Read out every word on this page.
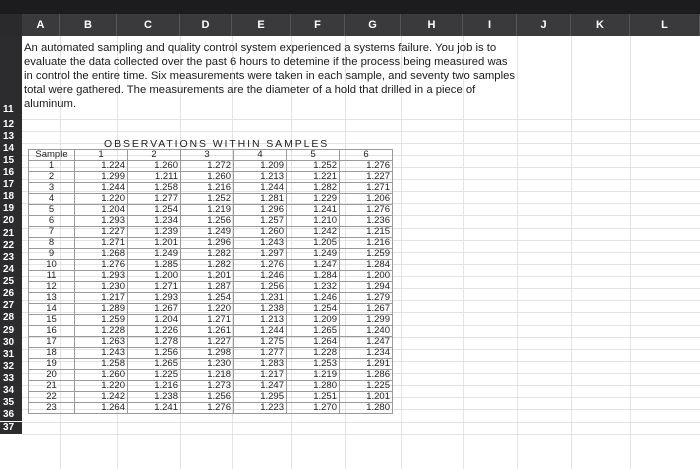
A	B	C	D	E	F	G	H	I	J	K	L
11
12
13
14
15
16
17
18
19
20
21
22
23
24
25
26
27
28
29
30
31
32
33
34
35
36
37

An automated sampling and quality control system experienced a systems failure. You job is to evaluate the data collected over the past 6 hours to detemine if the process being measured was in control the entire time. Six measurements were taken in each sample, and seventy two samples total were gathered. The measurements are the diameter of a hold that drilled in a piece of aluminum.

OBSERVATIONS WITHIN SAMPLES

Sample	1	2	3	4	5	6
1	1.224	1.260	1.272	1.209	1.252	1.276
2	1.299	1.211	1.260	1.213	1.221	1.227
3	1.244	1.258	1.216	1.244	1.282	1.271
4	1.220	1.277	1.252	1.281	1.229	1.206
5	1.204	1.254	1.219	1.296	1.241	1.276
6	1.293	1.234	1.256	1.257	1.210	1.236
7	1.227	1.239	1.249	1.260	1.242	1.215
8	1.271	1.201	1.296	1.243	1.205	1.216
9	1.268	1.249	1.282	1.297	1.249	1.259
10	1.276	1.285	1.282	1.276	1.247	1.284
11	1.293	1.200	1.201	1.246	1.284	1.200
12	1.230	1.271	1.287	1.256	1.232	1.294
13	1.217	1.293	1.254	1.231	1.246	1.279
14	1.289	1.267	1.220	1.238	1.254	1.267
15	1.259	1.204	1.271	1.213	1.209	1.299
16	1.228	1.226	1.261	1.244	1.265	1.240
17	1.263	1.278	1.227	1.275	1.264	1.247
18	1.243	1.256	1.298	1.277	1.228	1.234
19	1.258	1.265	1.230	1.283	1.253	1.291
20	1.260	1.225	1.218	1.217	1.219	1.286
21	1.220	1.216	1.273	1.247	1.280	1.225
22	1.242	1.238	1.256	1.295	1.251	1.201
23	1.264	1.241	1.276	1.223	1.270	1.280
